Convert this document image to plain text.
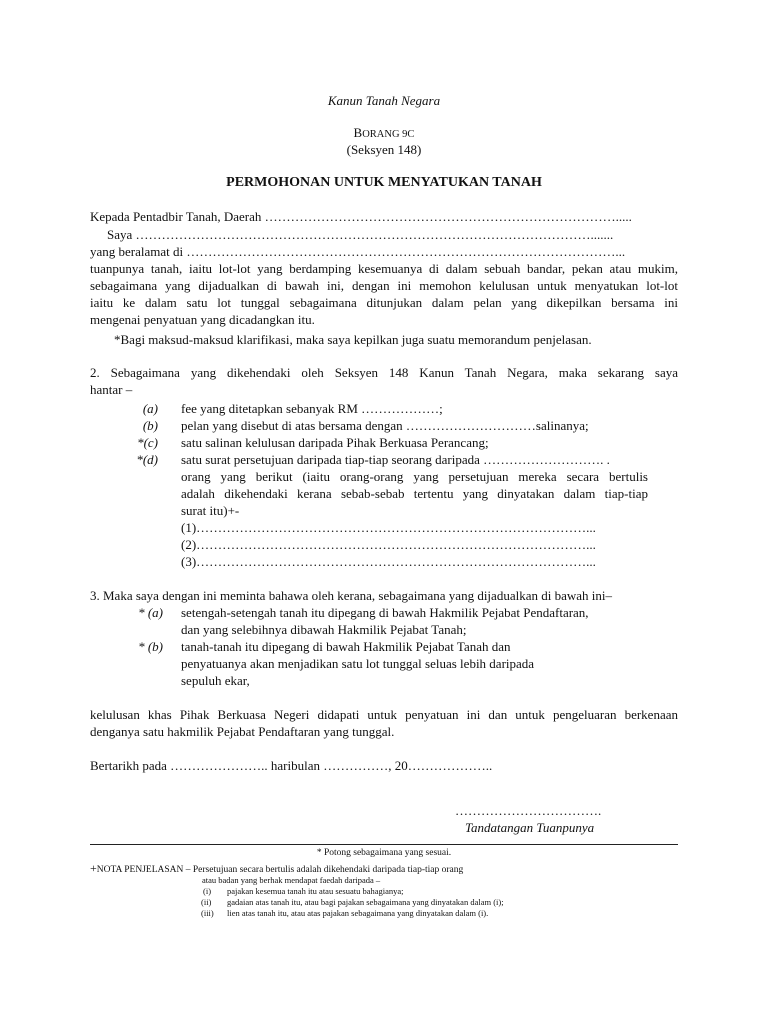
Kanun Tanah Negara
BORANG 9C
(Seksyen 148)
PERMOHONAN UNTUK MENYATUKAN TANAH
Kepada Pentadbir Tanah, Daerah ……………………………………………………………………….....
Saya …………………………………………………………………………………………….......
yang beralamat di ………………………………………………………………………………………...
tuanpunya tanah, iaitu lot-lot yang berdamping kesemuanya di dalam sebuah bandar, pekan atau mukim,
sebagaimana yang dijadualkan di bawah ini, dengan ini memohon kelulusan untuk menyatukan lot-lot
iaitu ke dalam satu lot tunggal sebagaimana ditunjukan dalam pelan yang dikepilkan bersama ini
mengenai penyatuan yang dicadangkan itu.
*Bagi maksud-maksud klarifikasi, maka saya kepilkan juga suatu memorandum penjelasan.
2. Sebagaimana yang dikehendaki oleh Seksyen 148 Kanun Tanah Negara, maka sekarang saya
hantar –
(a) fee yang ditetapkan sebanyak RM ………………;
(b) pelan yang disebut di atas bersama dengan …………………………salinanya;
*(c) satu salinan kelulusan daripada Pihak Berkuasa Perancang;
*(d) satu surat persetujuan daripada tiap-tiap seorang daripada ………………………. .
orang yang berikut (iaitu orang-orang yang persetujuan mereka secara bertulis
adalah dikehendaki kerana sebab-sebab tertentu yang dinyatakan dalam tiap-tiap
surat itu)+-
(1)………………………………………………………………………………...
(2)………………………………………………………………………………...
(3)………………………………………………………………………………...
3. Maka saya dengan ini meminta bahawa oleh kerana, sebagaimana yang dijadualkan di bawah ini–
* (a) setengah-setengah tanah itu dipegang di bawah Hakmilik Pejabat Pendaftaran,
dan yang selebihnya dibawah Hakmilik Pejabat Tanah;
* (b) tanah-tanah itu dipegang di bawah Hakmilik Pejabat Tanah dan
penyatuanya akan menjadikan satu lot tunggal seluas lebih daripada
sepuluh ekar,
kelulusan khas Pihak Berkuasa Negeri didapati untuk penyatuan ini dan untuk pengeluaran berkenaan
denganya satu hakmilik Pejabat Pendaftaran yang tunggal.
Bertarikh pada ………………….. haribulan ……………, 20………………..
…………………………….
Tandatangan Tuanpunya
* Potong sebagaimana yang sesuai.
+NOTA PENJELASAN – Persetujuan secara bertulis adalah dikehendaki daripada tiap-tiap orang
atau badan yang berhak mendapat faedah daripada –
(i) pajakan kesemua tanah itu atau sesuatu bahagianya;
(ii) gadaian atas tanah itu, atau bagi pajakan sebagaimana yang dinyatakan dalam (i);
(iii) lien atas tanah itu, atau atas pajakan sebagaimana yang dinyatakan dalam (i).
